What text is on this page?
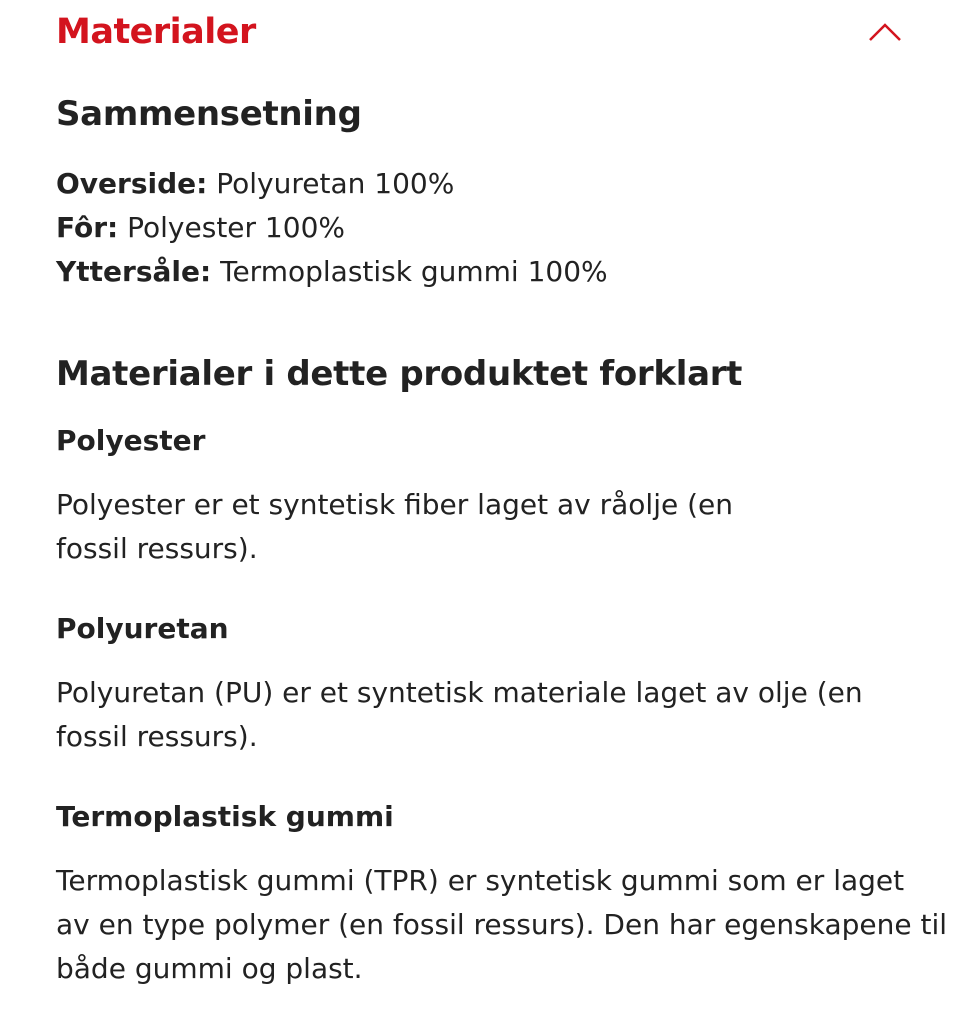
Materialer
Sammensetning
Overside: Polyuretan 100%
Fôr: Polyester 100%
Yttersåle: Termoplastisk gummi 100%
Materialer i dette produktet forklart
Polyester

Polyester er et syntetisk fiber laget av råolje (en
fossil ressurs).

Polyuretan

Polyuretan (PU) er et syntetisk materiale laget av olje (en
fossil ressurs).

Termoplastisk gummi

Termoplastisk gummi (TPR) er syntetisk gummi som er laget
av en type polymer (en fossil ressurs). Den har egenskapene til
både gummi og plast.
